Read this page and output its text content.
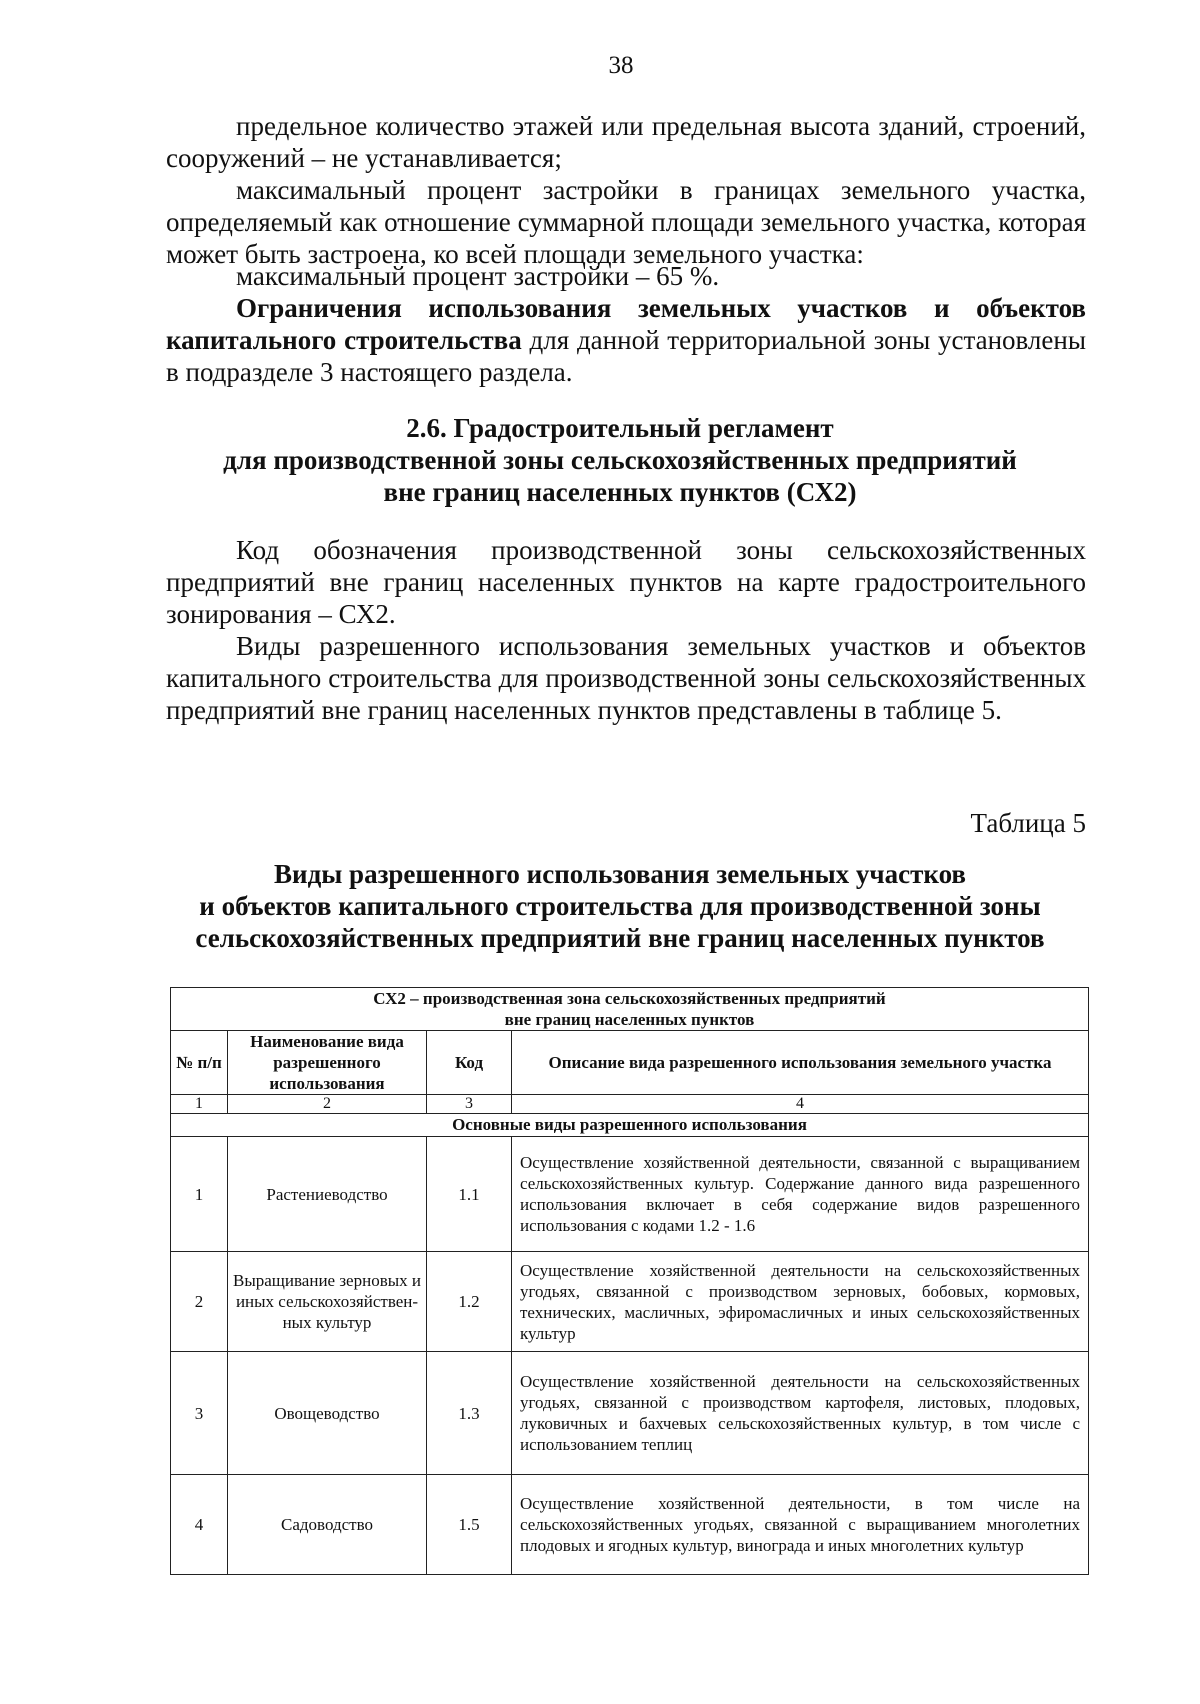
38

предельное количество этажей или предельная высота зданий, строений, сооружений – не устанавливается;

максимальный процент застройки в границах земельного участка, определяемый как отношение суммарной площади земельного участка, которая может быть застроена, ко всей площади земельного участка:

максимальный процент застройки – 65 %.

Ограничения использования земельных участков и объектов капитального строительства для данной территориальной зоны установлены в подразделе 3 настоящего раздела.

2.6. Градостроительный регламент
для производственной зоны сельскохозяйственных предприятий
вне границ населенных пунктов (СХ2)

Код обозначения производственной зоны сельскохозяйственных предприятий вне границ населенных пунктов на карте градостроительного зонирования – СХ2.

Виды разрешенного использования земельных участков и объектов капитального строительства для производственной зоны сельскохозяйственных предприятий вне границ населенных пунктов представлены в таблице 5.

Таблица 5
Виды разрешенного использования земельных участков
и объектов капитального строительства для производственной зоны
сельскохозяйственных предприятий вне границ населенных пунктов
СХ2 – производственная зона сельскохозяйственных предприятий
вне границ населенных пунктов			

№ п/п	Наименование вида разрешенного использования	Код	Описание вида разрешенного использования земельного участка
1	2	3	4
Основные виды разрешенного использования			
1	Растениеводство	1.1	Осуществление хозяйственной деятельности, связанной с выращиванием сельскохозяйственных культур. Содержание данного вида разрешенного использования включает в себя содержание видов разрешенного использования с кодами 1.2 - 1.6
2	Выращивание зерновых и иных сельскохозяйствен-ных культур	1.2	Осуществление хозяйственной деятельности на сельскохозяйственных угодьях, связанной с производством зерновых, бобовых, кормовых, технических, масличных, эфиромасличных и иных сельскохозяйственных культур
3	Овощеводство	1.3	Осуществление хозяйственной деятельности на сельскохозяйственных угодьях, связанной с производством картофеля, листовых, плодовых, луковичных и бахчевых сельскохозяйственных культур, в том числе с использованием теплиц
4	Садоводство	1.5	Осуществление хозяйственной деятельности, в том числе на сельскохозяйственных угодьях, связанной с выращиванием многолетних плодовых и ягодных культур, винограда и иных многолетних культур
